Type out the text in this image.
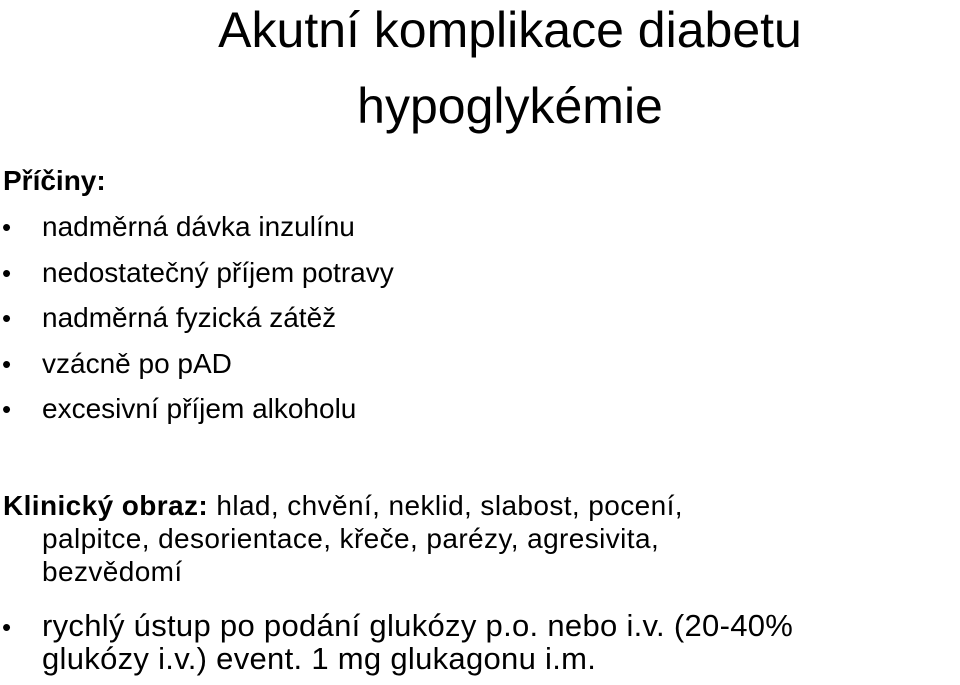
Akutní komplikace diabetu
hypoglykémie
Příčiny:
• nadměrná dávka inzulínu
• nedostatečný příjem potravy
• nadměrná fyzická zátěž
• vzácně po pAD
• excesivní příjem alkoholu
Klinický obraz: hlad, chvění, neklid, slabost, pocení,
palpitce, desorientace, křeče, parézy, agresivita,
bezvědomí
• rychlý ústup po podání glukózy p.o. nebo i.v. (20-40%
glukózy i.v.) event. 1 mg glukagonu i.m.
